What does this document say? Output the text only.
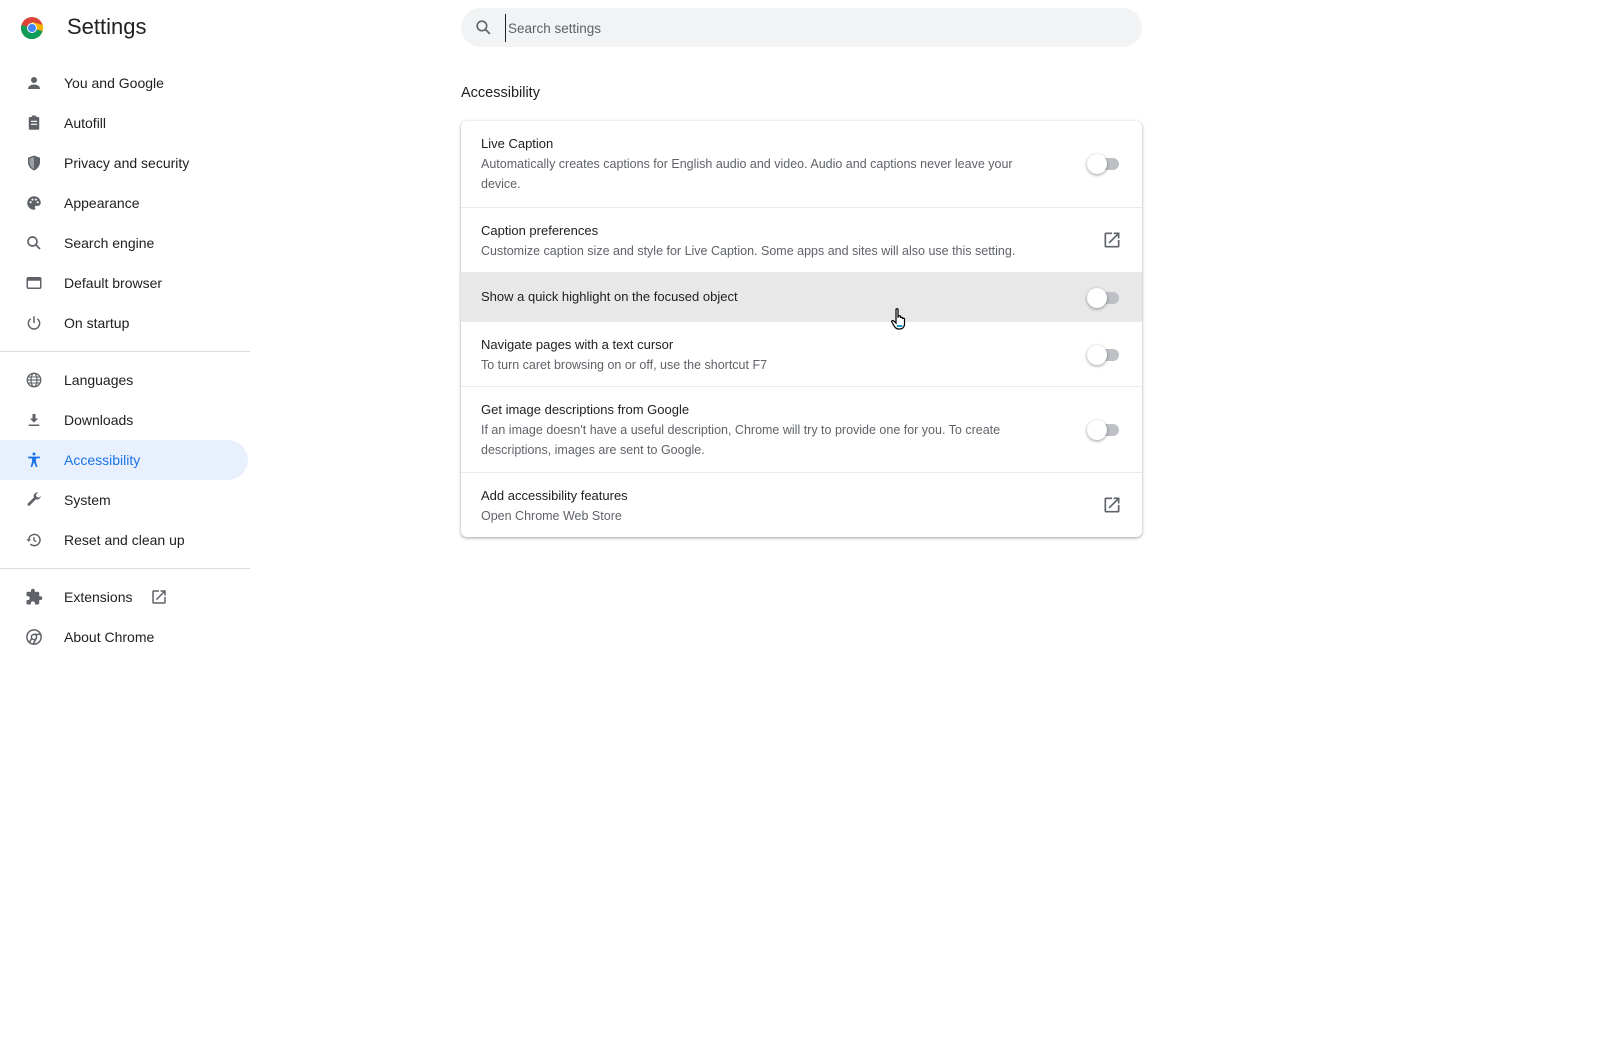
Settings
Search settings
You and Google
Autofill
Privacy and security
Appearance
Search engine
Default browser
On startup
Languages
Downloads
Accessibility
System
Reset and clean up
Extensions
About Chrome
Accessibility
Live Caption
Automatically creates captions for English audio and video. Audio and captions never leave your device.
Caption preferences
Customize caption size and style for Live Caption. Some apps and sites will also use this setting.
Show a quick highlight on the focused object
Navigate pages with a text cursor
To turn caret browsing on or off, use the shortcut F7
Get image descriptions from Google
If an image doesn't have a useful description, Chrome will try to provide one for you. To create descriptions, images are sent to Google.
Add accessibility features
Open Chrome Web Store
